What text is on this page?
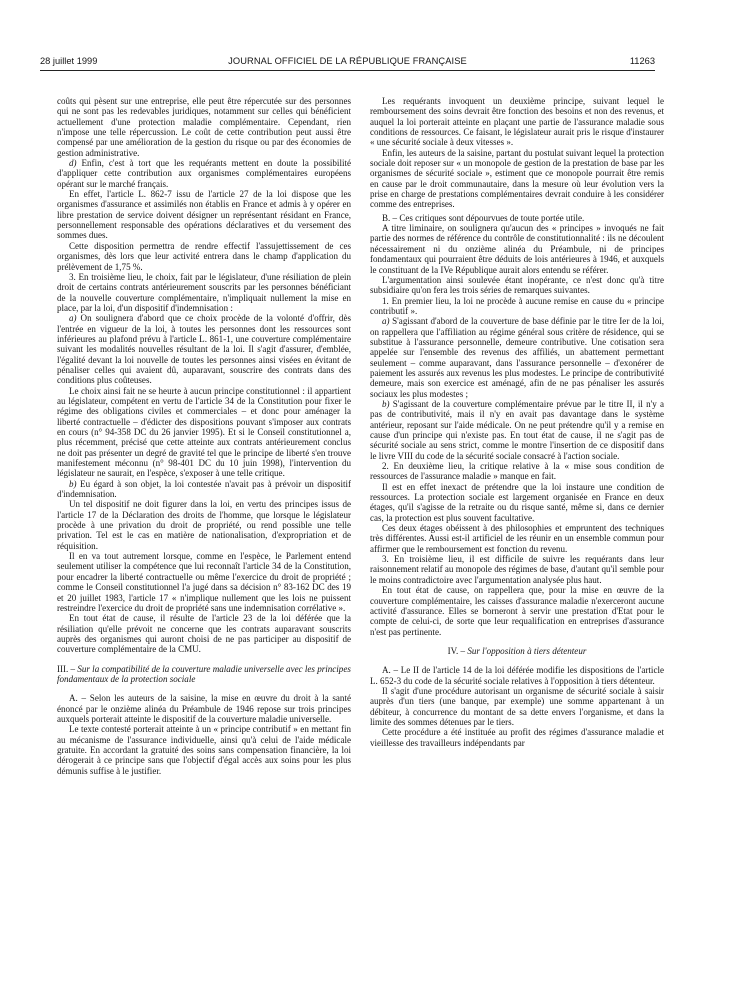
28 juillet 1999	JOURNAL OFFICIEL DE LA RÉPUBLIQUE FRANÇAISE	11263

coûts qui pèsent sur une entreprise, elle peut être répercutée sur des personnes qui ne sont pas les redevables juridiques, notamment sur celles qui bénéficient actuellement d'une protection maladie complémentaire. Cependant, rien n'impose une telle répercussion. Le coût de cette contribution peut aussi être compensé par une amélioration de la gestion du risque ou par des économies de gestion administrative.

d) Enfin, c'est à tort que les requérants mettent en doute la possibilité d'appliquer cette contribution aux organismes complémentaires européens opérant sur le marché français.

En effet, l'article L. 862-7 issu de l'article 27 de la loi dispose que les organismes d'assurance et assimilés non établis en France et admis à y opérer en libre prestation de service doivent désigner un représentant résidant en France, personnellement responsable des opérations déclaratives et du versement des sommes dues.

Cette disposition permettra de rendre effectif l'assujettissement de ces organismes, dès lors que leur activité entrera dans le champ d'application du prélèvement de 1,75 %.

3. En troisième lieu, le choix, fait par le législateur, d'une résiliation de plein droit de certains contrats antérieurement souscrits par les personnes bénéficiant de la nouvelle couverture complémentaire, n'impliquait nullement la mise en place, par la loi, d'un dispositif d'indemnisation :

a) On soulignera d'abord que ce choix procède de la volonté d'offrir, dès l'entrée en vigueur de la loi, à toutes les personnes dont les ressources sont inférieures au plafond prévu à l'article L. 861-1, une couverture complémentaire suivant les modalités nouvelles résultant de la loi. Il s'agit d'assurer, d'emblée, l'égalité devant la loi nouvelle de toutes les personnes ainsi visées en évitant de pénaliser celles qui avaient dû, auparavant, souscrire des contrats dans des conditions plus coûteuses.

Le choix ainsi fait ne se heurte à aucun principe constitutionnel : il appartient au législateur, compétent en vertu de l'article 34 de la Constitution pour fixer le régime des obligations civiles et commerciales – et donc pour aménager la liberté contractuelle – d'édicter des dispositions pouvant s'imposer aux contrats en cours (n° 94-358 DC du 26 janvier 1995). Et si le Conseil constitutionnel a, plus récemment, précisé que cette atteinte aux contrats antérieurement conclus ne doit pas présenter un degré de gravité tel que le principe de liberté s'en trouve manifestement méconnu (n° 98-401 DC du 10 juin 1998), l'intervention du législateur ne saurait, en l'espèce, s'exposer à une telle critique.

b) Eu égard à son objet, la loi contestée n'avait pas à prévoir un dispositif d'indemnisation.

Un tel dispositif ne doit figurer dans la loi, en vertu des principes issus de l'article 17 de la Déclaration des droits de l'homme, que lorsque le législateur procède à une privation du droit de propriété, ou rend possible une telle privation. Tel est le cas en matière de nationalisation, d'expropriation et de réquisition.

Il en va tout autrement lorsque, comme en l'espèce, le Parlement entend seulement utiliser la compétence que lui reconnaît l'article 34 de la Constitution, pour encadrer la liberté contractuelle ou même l'exercice du droit de propriété ; comme le Conseil constitutionnel l'a jugé dans sa décision n° 83-162 DC des 19 et 20 juillet 1983, l'article 17 « n'implique nullement que les lois ne puissent restreindre l'exercice du droit de propriété sans une indemnisation corrélative ».

En tout état de cause, il résulte de l'article 23 de la loi déférée que la résiliation qu'elle prévoit ne concerne que les contrats auparavant souscrits auprès des organismes qui auront choisi de ne pas participer au dispositif de couverture complémentaire de la CMU.

III. – Sur la compatibilité de la couverture maladie universelle avec les principes fondamentaux de la protection sociale

A. – Selon les auteurs de la saisine, la mise en œuvre du droit à la santé énoncé par le onzième alinéa du Préambule de 1946 repose sur trois principes auxquels porterait atteinte le dispositif de la couverture maladie universelle.

Le texte contesté porterait atteinte à un « principe contributif » en mettant fin au mécanisme de l'assurance individuelle, ainsi qu'à celui de l'aide médicale gratuite. En accordant la gratuité des soins sans compensation financière, la loi dérogerait à ce principe sans que l'objectif d'égal accès aux soins pour les plus démunis suffise à le justifier.

Les requérants invoquent un deuxième principe, suivant lequel le remboursement des soins devrait être fonction des besoins et non des revenus, et auquel la loi porterait atteinte en plaçant une partie de l'assurance maladie sous conditions de ressources. Ce faisant, le législateur aurait pris le risque d'instaurer « une sécurité sociale à deux vitesses ».

Enfin, les auteurs de la saisine, partant du postulat suivant lequel la protection sociale doit reposer sur « un monopole de gestion de la prestation de base par les organismes de sécurité sociale », estiment que ce monopole pourrait être remis en cause par le droit communautaire, dans la mesure où leur évolution vers la prise en charge de prestations complémentaires devrait conduire à les considérer comme des entreprises.

B. – Ces critiques sont dépourvues de toute portée utile.

A titre liminaire, on soulignera qu'aucun des « principes » invoqués ne fait partie des normes de référence du contrôle de constitutionnalité : ils ne découlent nécessairement ni du onzième alinéa du Préambule, ni de principes fondamentaux qui pourraient être déduits de lois antérieures à 1946, et auxquels le constituant de la IVe République aurait alors entendu se référer.

L'argumentation ainsi soulevée étant inopérante, ce n'est donc qu'à titre subsidiaire qu'on fera les trois séries de remarques suivantes.

1. En premier lieu, la loi ne procède à aucune remise en cause du « principe contributif ».

a) S'agissant d'abord de la couverture de base définie par le titre Ier de la loi, on rappellera que l'affiliation au régime général sous critère de résidence, qui se substitue à l'assurance personnelle, demeure contributive. Une cotisation sera appelée sur l'ensemble des revenus des affiliés, un abattement permettant seulement – comme auparavant, dans l'assurance personnelle – d'exonérer de paiement les assurés aux revenus les plus modestes. Le principe de contributivité demeure, mais son exercice est aménagé, afin de ne pas pénaliser les assurés sociaux les plus modestes ;

b) S'agissant de la couverture complémentaire prévue par le titre II, il n'y a pas de contributivité, mais il n'y en avait pas davantage dans le système antérieur, reposant sur l'aide médicale. On ne peut prétendre qu'il y a remise en cause d'un principe qui n'existe pas. En tout état de cause, il ne s'agit pas de sécurité sociale au sens strict, comme le montre l'insertion de ce dispositif dans le livre VIII du code de la sécurité sociale consacré à l'action sociale.

2. En deuxième lieu, la critique relative à la « mise sous condition de ressources de l'assurance maladie » manque en fait.

Il est en effet inexact de prétendre que la loi instaure une condition de ressources. La protection sociale est largement organisée en France en deux étages, qu'il s'agisse de la retraite ou du risque santé, même si, dans ce dernier cas, la protection est plus souvent facultative.

Ces deux étages obéissent à des philosophies et empruntent des techniques très différentes. Aussi est-il artificiel de les réunir en un ensemble commun pour affirmer que le remboursement est fonction du revenu.

3. En troisième lieu, il est difficile de suivre les requérants dans leur raisonnement relatif au monopole des régimes de base, d'autant qu'il semble pour le moins contradictoire avec l'argumentation analysée plus haut.

En tout état de cause, on rappellera que, pour la mise en œuvre de la couverture complémentaire, les caisses d'assurance maladie n'exerceront aucune activité d'assurance. Elles se borneront à servir une prestation d'Etat pour le compte de celui-ci, de sorte que leur requalification en entreprises d'assurance n'est pas pertinente.

IV. – Sur l'opposition à tiers détenteur

A. – Le II de l'article 14 de la loi déférée modifie les dispositions de l'article L. 652-3 du code de la sécurité sociale relatives à l'opposition à tiers détenteur.

Il s'agit d'une procédure autorisant un organisme de sécurité sociale à saisir auprès d'un tiers (une banque, par exemple) une somme appartenant à un débiteur, à concurrence du montant de sa dette envers l'organisme, et dans la limite des sommes détenues par le tiers.

Cette procédure a été instituée au profit des régimes d'assurance maladie et vieillesse des travailleurs indépendants par
